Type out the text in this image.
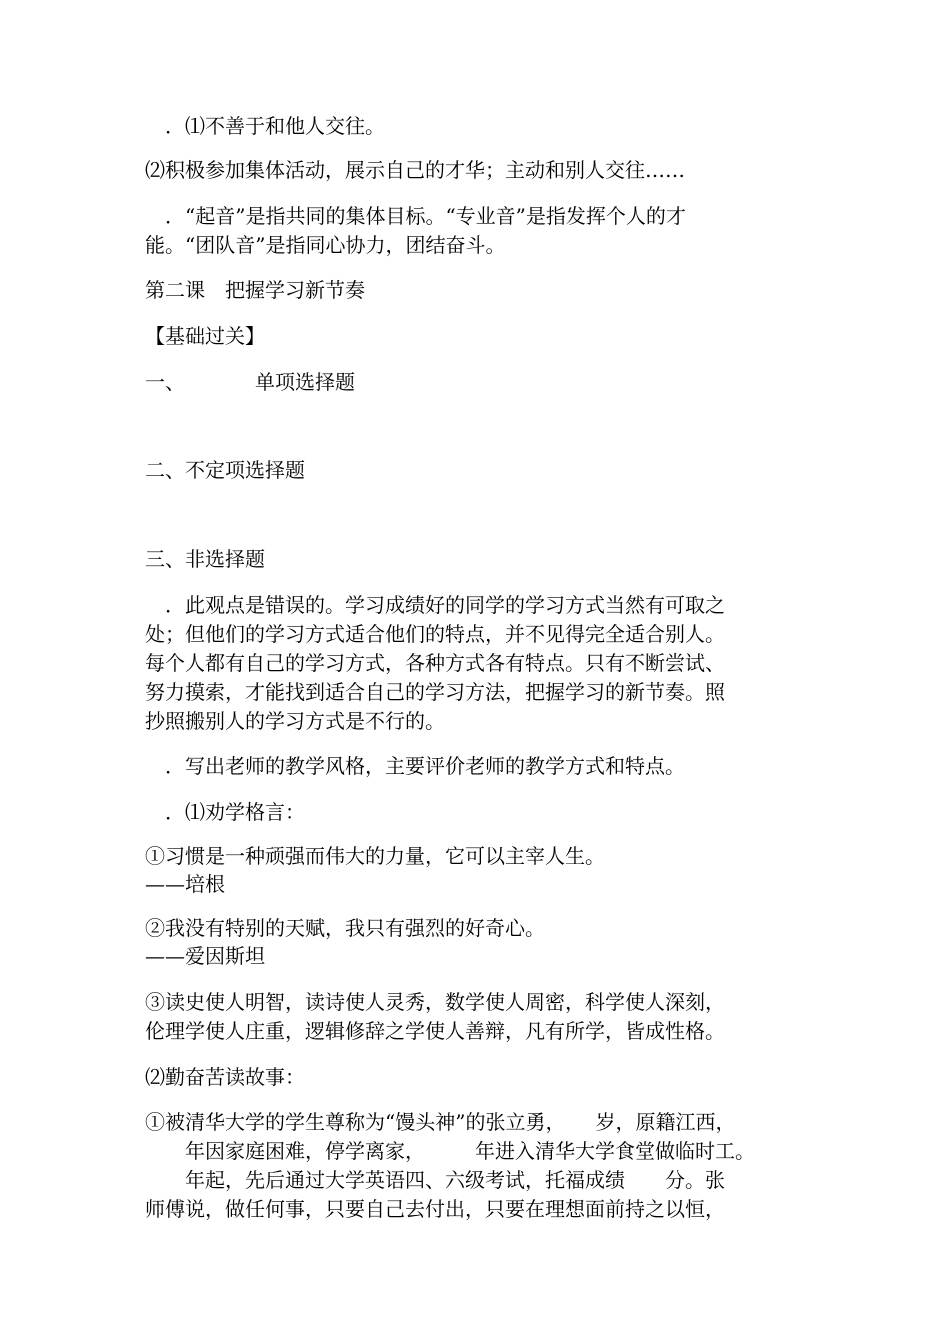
．⑴不善于和他人交往。
⑵积极参加集体活动，展示自己的才华；主动和别人交往……
．“起音”是指共同的集体目标。“专业音”是指发挥个人的才
能。“团队音”是指同心协力，团结奋斗。
第二课　把握学习新节奏
【基础过关】
一、　　　　单项选择题
二、不定项选择题
三、非选择题
．此观点是错误的。学习成绩好的同学的学习方式当然有可取之
处；但他们的学习方式适合他们的特点，并不见得完全适合别人。
每个人都有自己的学习方式，各种方式各有特点。只有不断尝试、
努力摸索，才能找到适合自己的学习方法，把握学习的新节奏。照
抄照搬别人的学习方式是不行的。
．写出老师的教学风格，主要评价老师的教学方式和特点。
．⑴劝学格言：
①习惯是一种顽强而伟大的力量，它可以主宰人生。
——培根
②我没有特别的天赋，我只有强烈的好奇心。
——爱因斯坦
③读史使人明智，读诗使人灵秀，数学使人周密，科学使人深刻，
伦理学使人庄重，逻辑修辞之学使人善辩，凡有所学，皆成性格。
⑵勤奋苦读故事：
①被清华大学的学生尊称为“馒头神”的张立勇，　　岁，原籍江西，
　　年因家庭困难，停学离家，　　　年进入清华大学食堂做临时工。
　　年起，先后通过大学英语四、六级考试，托福成绩　　分。张
师傅说，做任何事，只要自己去付出，只要在理想面前持之以恒，
